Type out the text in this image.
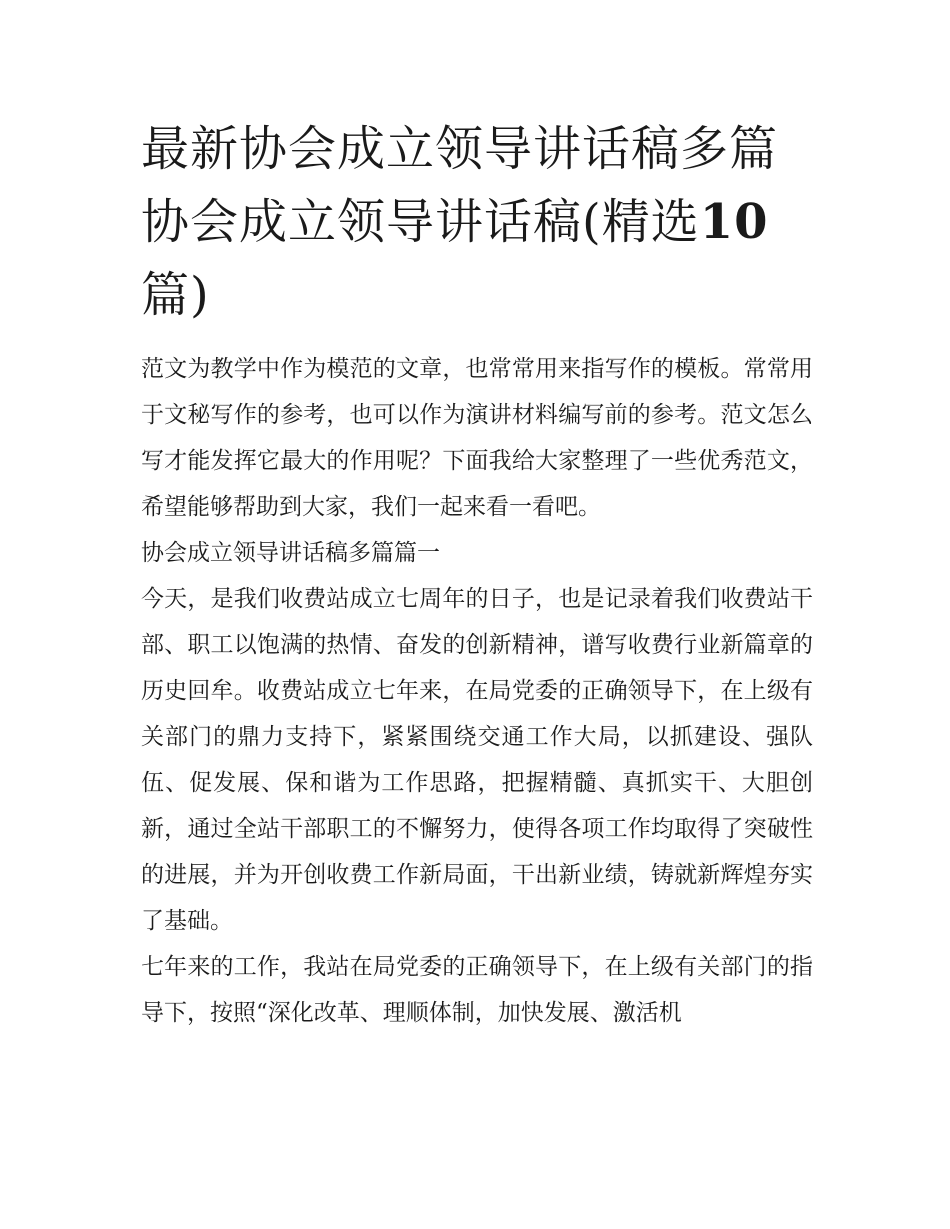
最新协会成立领导讲话稿多篇协会成立领导讲话稿(精选10篇)

范文为教学中作为模范的文章，也常常用来指写作的模板。常常用于文秘写作的参考，也可以作为演讲材料编写前的参考。范文怎么写才能发挥它最大的作用呢？下面我给大家整理了一些优秀范文，希望能够帮助到大家，我们一起来看一看吧。

协会成立领导讲话稿多篇篇一

今天，是我们收费站成立七周年的日子，也是记录着我们收费站干部、职工以饱满的热情、奋发的创新精神，谱写收费行业新篇章的历史回牟。收费站成立七年来，在局党委的正确领导下，在上级有关部门的鼎力支持下，紧紧围绕交通工作大局，以抓建设、强队伍、促发展、保和谐为工作思路，把握精髓、真抓实干、大胆创新，通过全站干部职工的不懈努力，使得各项工作均取得了突破性的进展，并为开创收费工作新局面，干出新业绩，铸就新辉煌夯实了基础。

七年来的工作，我站在局党委的正确领导下，在上级有关部门的指导下，按照“深化改革、理顺体制，加快发展、激活机
